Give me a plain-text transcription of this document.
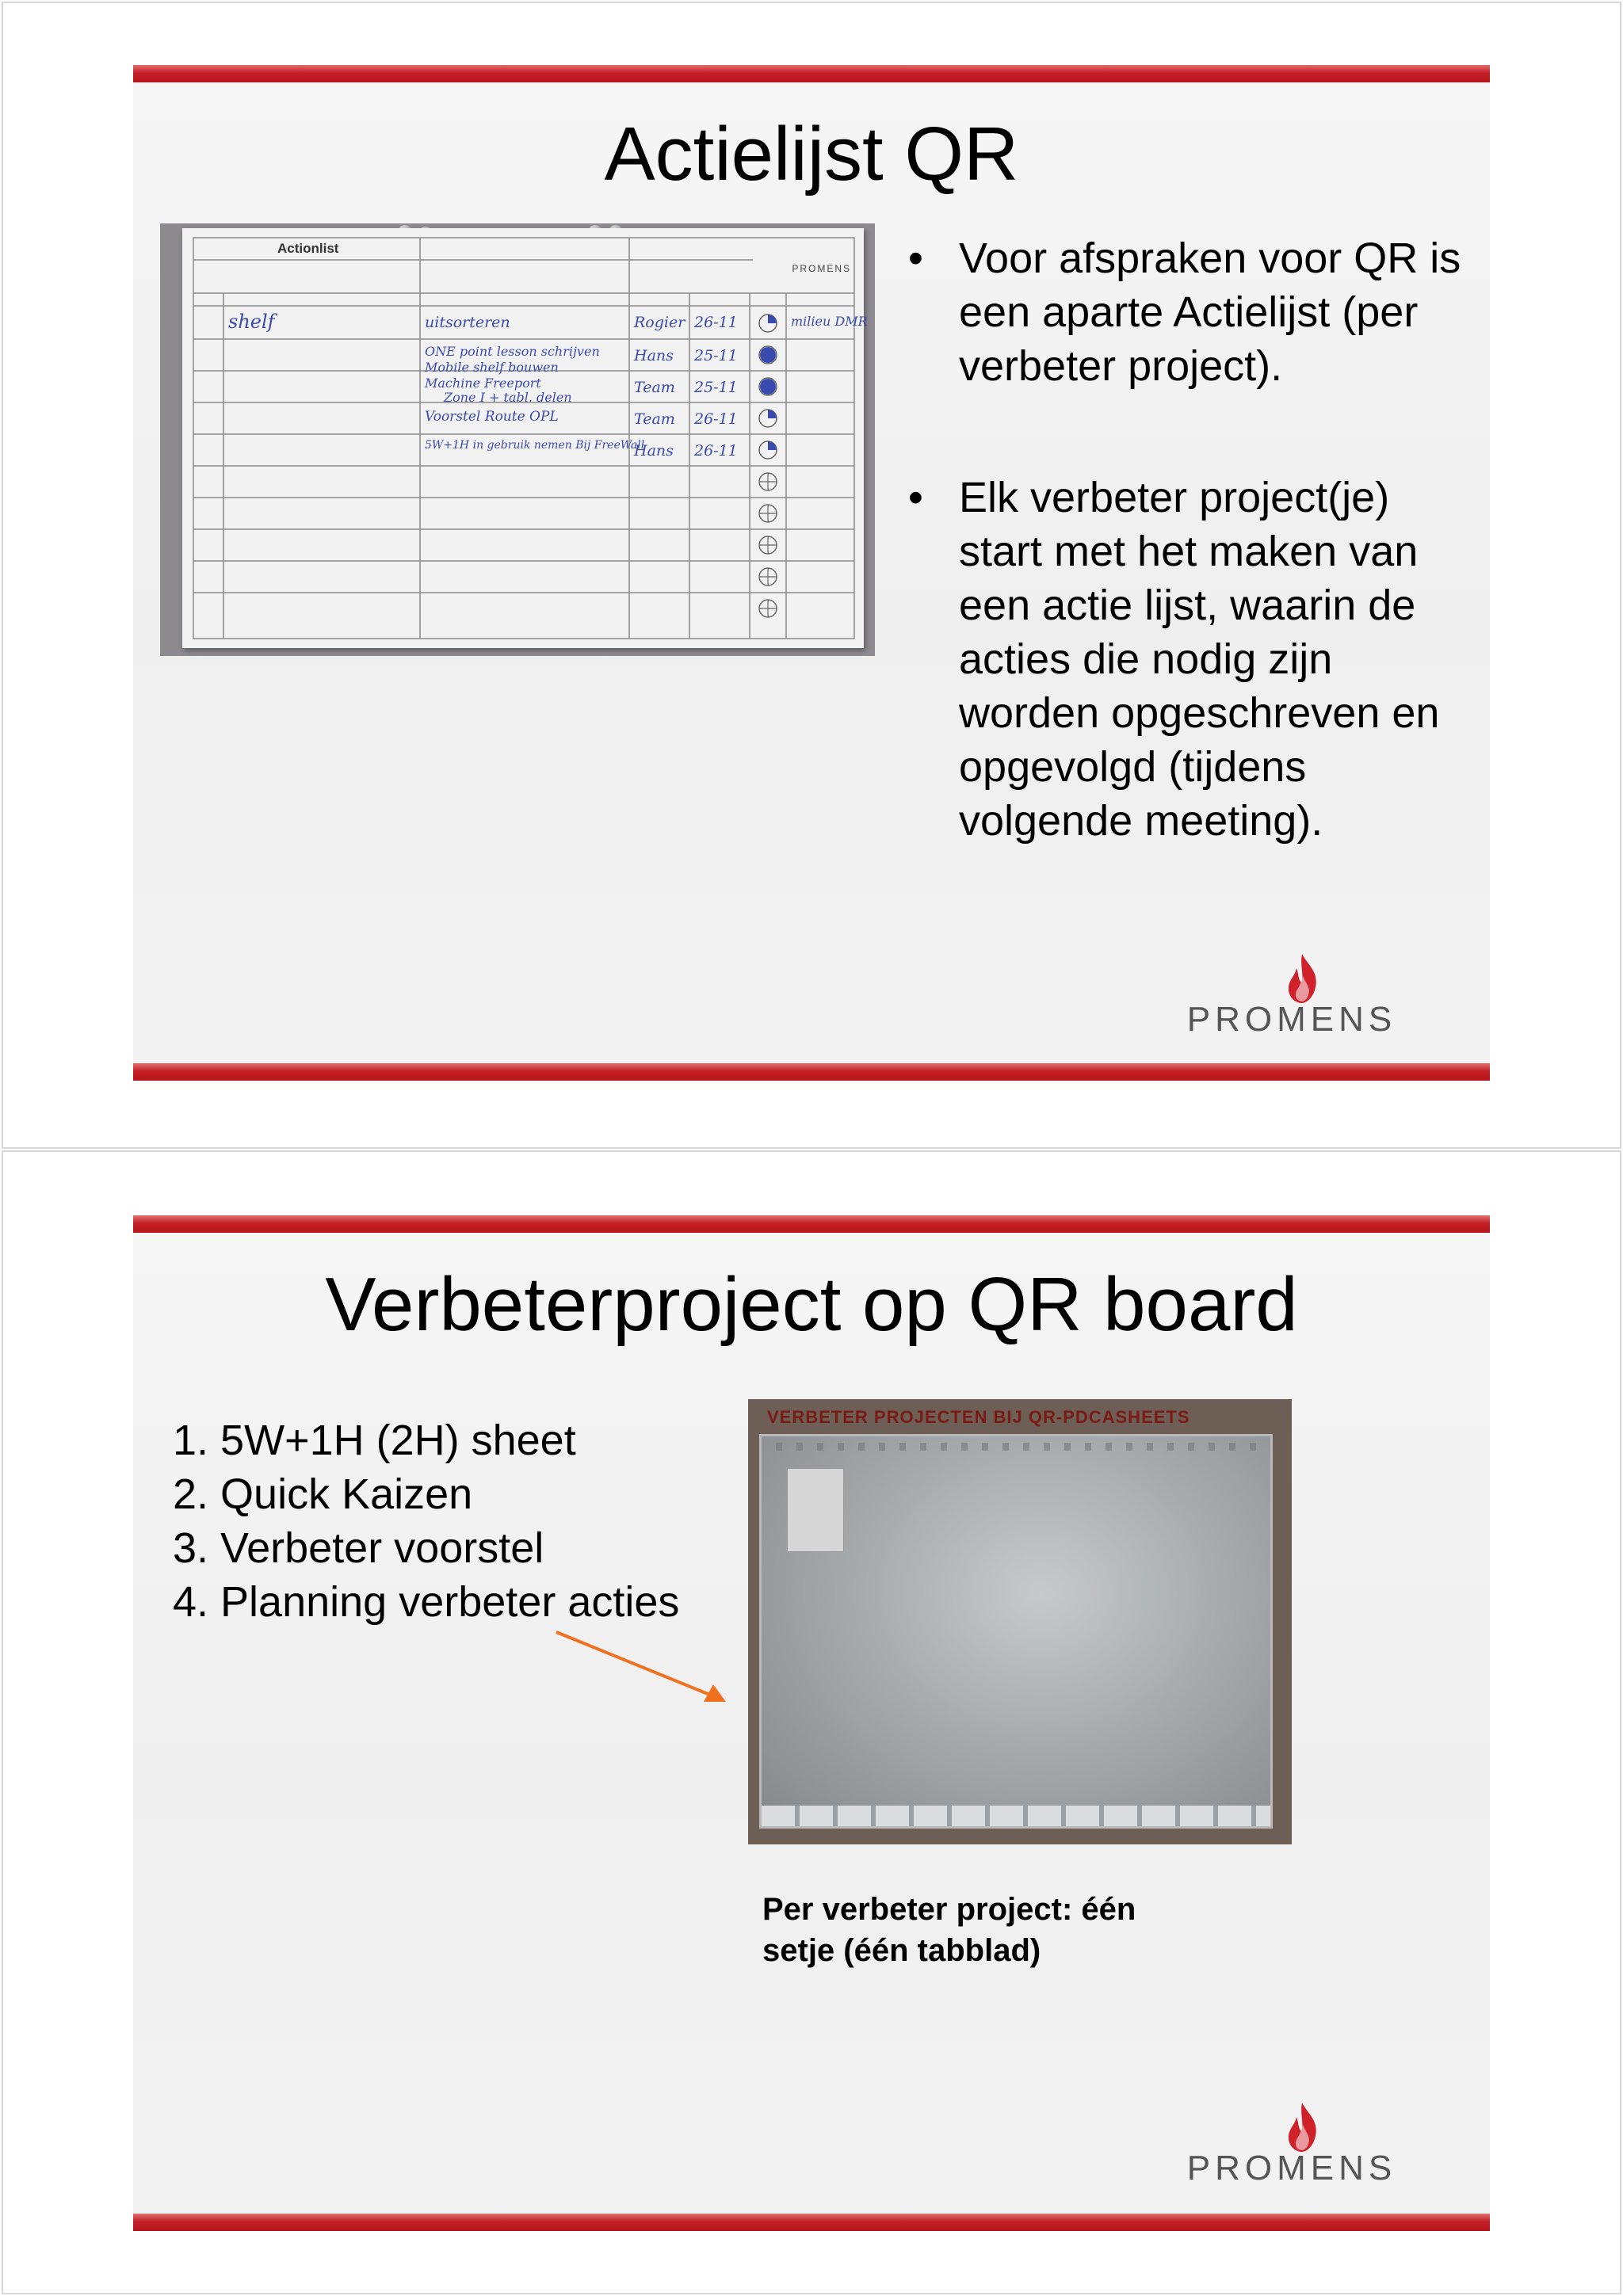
Actielijst QR
Actionlist
PROMENS
shelf	uitsorteren
ONE point lesson schrijven
Mobile shelf bouwen
Machine Freeport
Zone I + tabl. delen
Voorstel Route OPL
5W+1H in gebruik nemen Bij FreeWall
Rogier
Hans
Team
Team
Hans
26-11
25-11
25-11
26-11
26-11
milieu DMR
• Voor afspraken voor QR is een aparte Actielijst (per verbeter project).
• Elk verbeter project(je) start met het maken van een actie lijst, waarin de acties die nodig zijn worden opgeschreven en opgevolgd (tijdens volgende meeting).
PROMENS
Verbeterproject op QR board
1. 5W+1H (2H) sheet
2. Quick Kaizen
3. Verbeter voorstel
4. Planning verbeter acties
VERBETER PROJECTEN BIJ QR-PDCASHEETS
Per verbeter project: één setje (één tabblad)
PROMENS
